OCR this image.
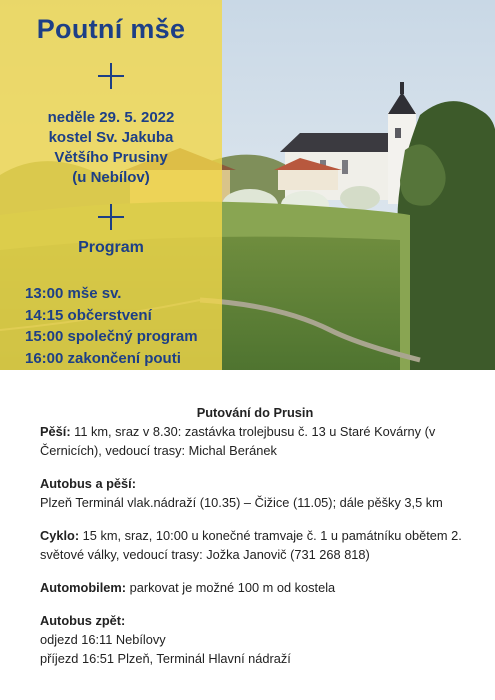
Poutní mše
neděle 29. 5. 2022
kostel Sv. Jakuba
Většího Prusiny
(u Nebílov)
Program
13:00 mše sv.
14:15 občerstvení
15:00 společný program
16:00 zakončení pouti
Putování do Prusin

Pěší: 11 km, sraz v 8.30: zastávka trolejbusu č. 13 u Staré Kovárny (v Černicích), vedoucí trasy: Michal Beránek

Autobus a pěší:
Plzeň Terminál vlak.nádraží (10.35) – Čižice (11.05); dále pěšky 3,5 km

Cyklo: 15 km, sraz, 10:00 u konečné tramvaje č. 1 u památníku obětem 2. světové války, vedoucí trasy: Jožka Janovič (731 268 818)

Automobilem: parkovat je možné 100 m od kostela

Autobus zpět:
odjezd 16:11 Nebílovy
příjezd 16:51 Plzeň, Terminál Hlavní nádraží
